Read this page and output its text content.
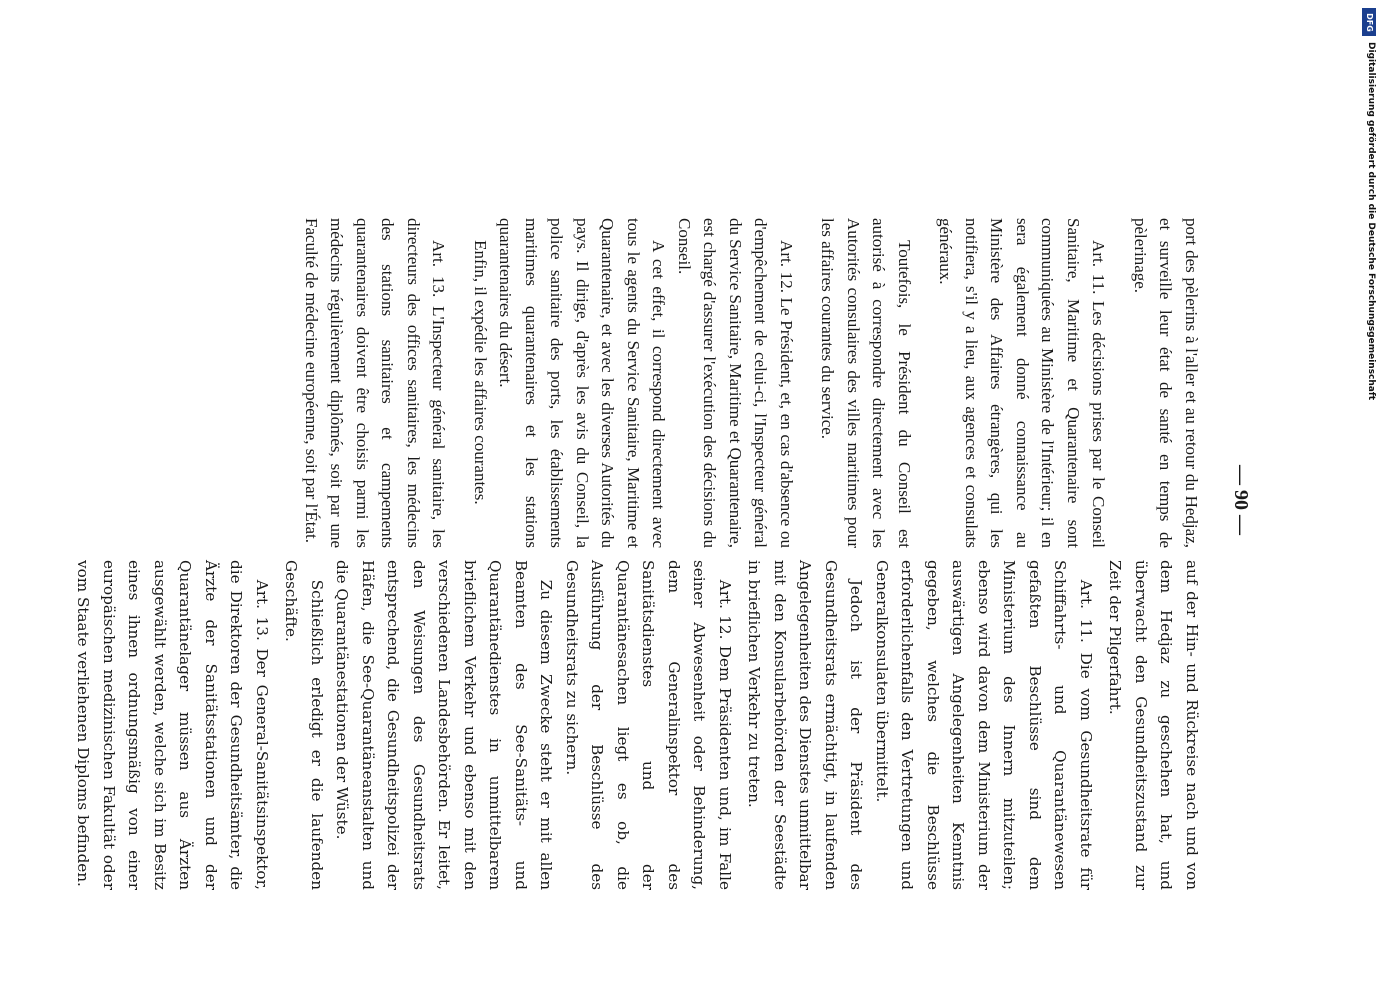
— 90 —

port des pèlerins à l'aller et au retour du Hedjaz, et surveille leur état de santé en temps de pèlerinage.

Art. 11. Les décisions prises par le Conseil Sanitaire, Maritime et Quarantenaire sont communiquées au Ministère de l'Intérieur; il en sera également donné connaissance au Ministère des Affaires étrangères, qui les notifiera, s'il y a lieu, aux agences et consulats généraux.

Toutefois, le Président du Conseil est autorisé à correspondre directement avec les Autorités consulaires des villes maritimes pour les affaires courantes du service.

Art. 12. Le Président, et, en cas d'absence ou d'empêchement de celui-ci, l'Inspecteur général du Service Sanitaire, Maritime et Quarantenaire, est chargé d'assurer l'exécution des décisions du Conseil.

A cet effet, il correspond directement avec tous le agents du Service Sanitaire, Maritime et Quarantenaire, et avec les diverses Autorités du pays. Il dirige, d'après les avis du Conseil, la police sanitaire des ports, les établissements maritimes quarantenaires et les stations quarantenaires du désert.

Enfin, il expédie les affaires courantes.

Art. 13. L'Inspecteur général sanitaire, les directeurs des offices sanitaires, les médecins des stations sanitaires et campements quarantenaires doivent être choisis parmi les médecins régulièrement diplômés, soit par une Faculté de médecine européenne, soit par l'État.

auf der Hin- und Rückreise nach und von dem Hedjaz zu geschehen hat, und überwacht den Gesundheitszustand zur Zeit der Pilgerfahrt.

Art. 11. Die vom Gesundheitsrate für Schiffahrts- und Quarantänewesen gefaßten Beschlüsse sind dem Ministerium des Innern mitzuteilen; ebenso wird davon dem Ministerium der auswärtigen Angelegenheiten Kenntnis gegeben, welches die Beschlüsse erforderlichenfalls den Vertretungen und Generalkonsulaten übermittelt.

Jedoch ist der Präsident des Gesundheitsrats ermächtigt, in laufenden Angelegenheiten des Dienstes unmittelbar mit den Konsularbehörden der Seestädte in brieflichen Verkehr zu treten.

Art. 12. Dem Präsidenten und, im Falle seiner Abwesenheit oder Behinderung, dem Generalinspektor des Sanitätsdienstes und der Quarantänesachen liegt es ob, die Ausführung der Beschlüsse des Gesundheitsrats zu sichern.

Zu diesem Zwecke steht er mit allen Beamten des See-Sanitäts- und Quarantänedienstes in unmittelbarem brieflichem Verkehr und ebenso mit den verschiedenen Landesbehörden. Er leitet, den Weisungen des Gesundheitsrats entsprechend, die Gesundheitspolizei der Häfen, die See-Quarantäneanstalten und die Quarantänestationen der Wüste.

Schließlich erledigt er die laufenden Geschäfte.

Art. 13. Der General-Sanitätsinspektor, die Direktoren der Gesundheitsämter, die Ärzte der Sanitätsstationen und der Quarantänelager müssen aus Ärzten ausgewählt werden, welche sich im Besitz eines ihnen ordnungsmäßig von einer europäischen medizinischen Fakultät oder vom Staate verliehenen Diploms befinden.

DFG
Digitalisierung gefördert durch die Deutsche Forschungsgemeinschaft
